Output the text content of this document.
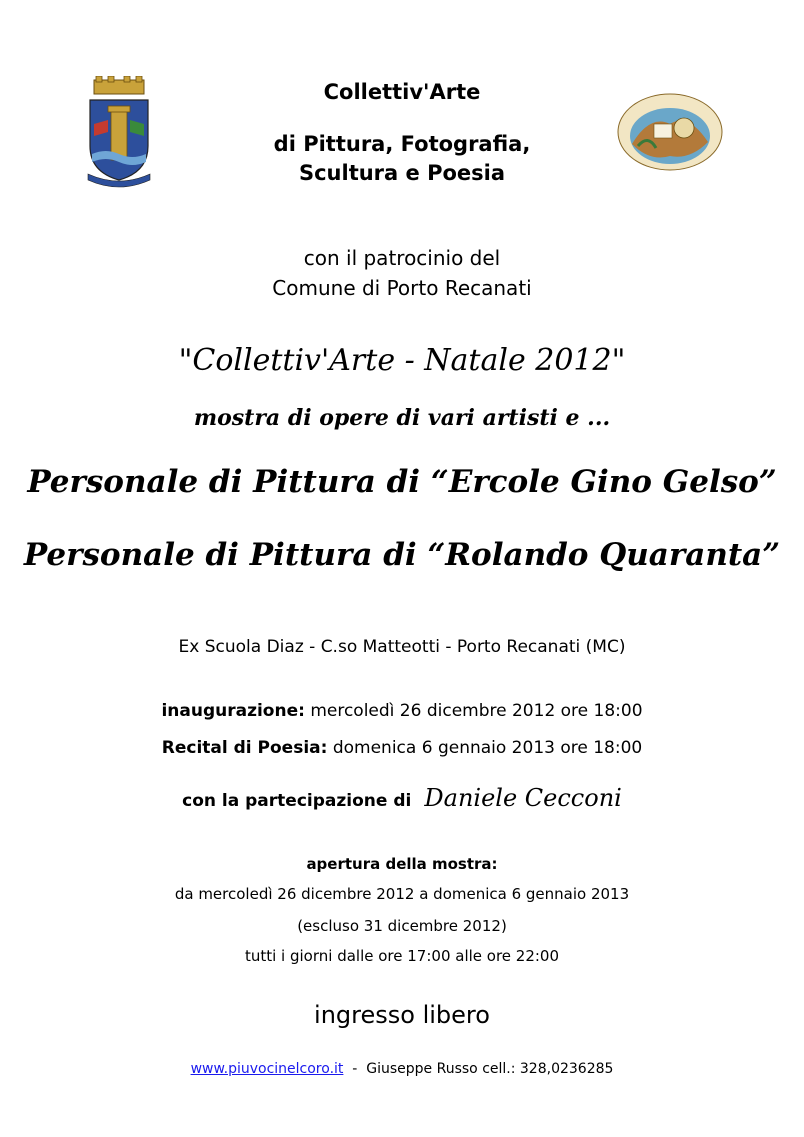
Collettiv'Arte
di Pittura, Fotografia,
Scultura e Poesia
con il patrocinio del
Comune di Porto Recanati
"Collettiv'Arte - Natale 2012"
mostra di opere di vari artisti e ...
Personale di Pittura di “Ercole Gino Gelso”
Personale di Pittura di “Rolando Quaranta”
Ex Scuola Diaz - C.so Matteotti - Porto Recanati (MC)
inaugurazione: mercoledì 26 dicembre 2012 ore 18:00
Recital di Poesia: domenica 6 gennaio 2013 ore 18:00
con la partecipazione di Daniele Cecconi
apertura della mostra:
da mercoledì 26 dicembre 2012 a domenica 6 gennaio 2013
(escluso 31 dicembre 2012)
tutti i giorni dalle ore 17:00 alle ore 22:00
ingresso libero
www.piuvocinelcoro.it  -  Giuseppe Russo cell.: 328,0236285
